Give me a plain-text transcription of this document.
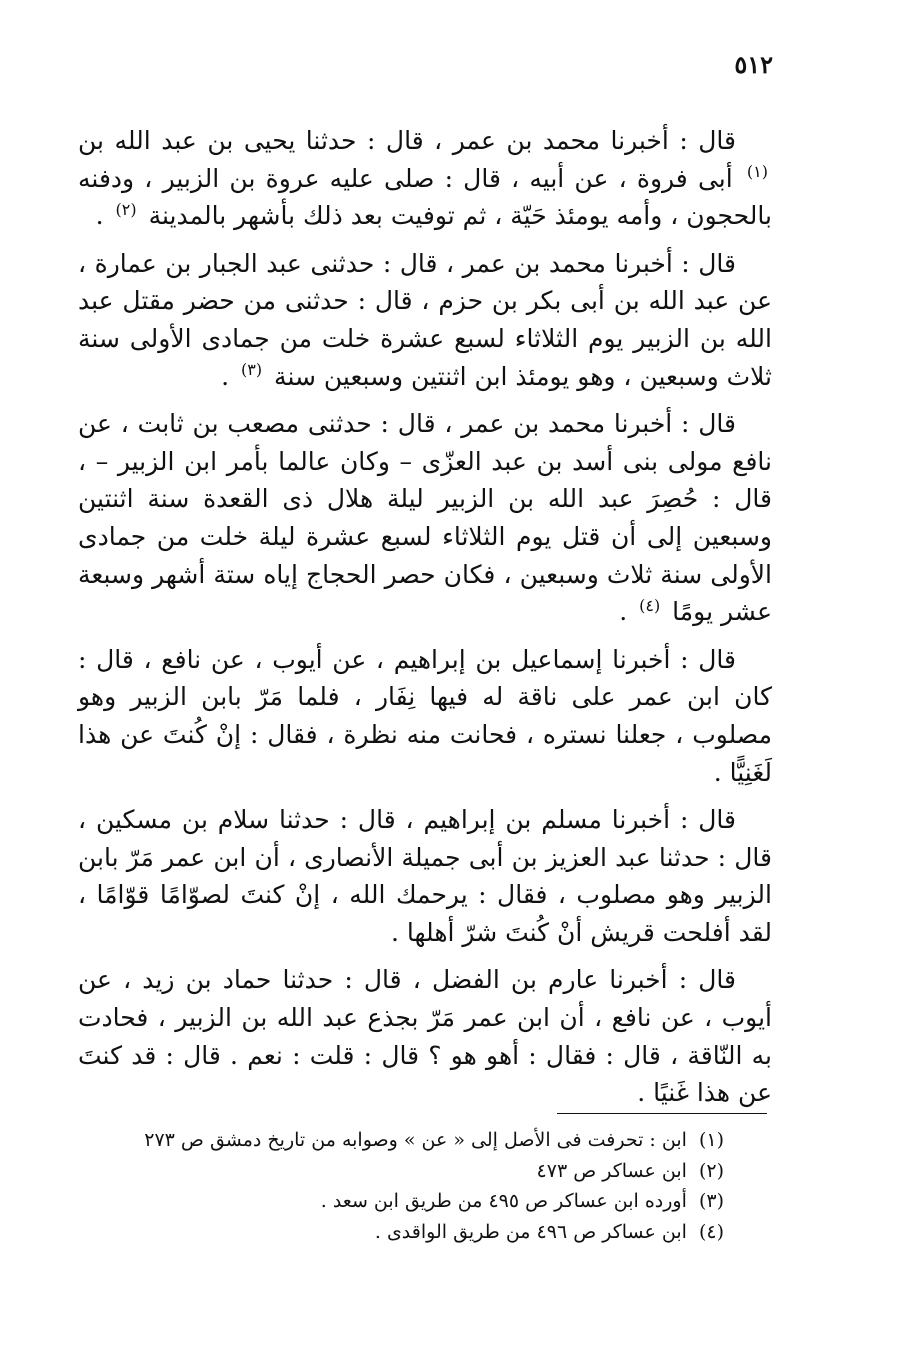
٥١٢

قال : أخبرنا محمد بن عمر ، قال : حدثنا يحيى بن عبد الله بن $^{(١)}$ أبى فروة ، عن أبيه ، قال : صلى عليه عروة بن الزبير ، ودفنه بالحجون ، وأمه يومئذ حَيّة ، ثم توفيت بعد ذلك بأشهر بالمدينة $^{(٢)}$ .

قال : أخبرنا محمد بن عمر ، قال : حدثنى عبد الجبار بن عمارة ، عن عبد الله بن أبى بكر بن حزم ، قال : حدثنى من حضر مقتل عبد الله بن الزبير يوم الثلاثاء لسبع عشرة خلت من جمادى الأولى سنة ثلاث وسبعين ، وهو يومئذ ابن اثنتين وسبعين سنة $^{(٣)}$ .

قال : أخبرنا محمد بن عمر ، قال : حدثنى مصعب بن ثابت ، عن نافع مولى بنى أسد بن عبد العزّى – وكان عالما بأمر ابن الزبير – ، قال : حُصِرَ عبد الله بن الزبير ليلة هلال ذى القعدة سنة اثنتين وسبعين إلى أن قتل يوم الثلاثاء لسبع عشرة ليلة خلت من جمادى الأولى سنة ثلاث وسبعين ، فكان حصر الحجاج إياه ستة أشهر وسبعة عشر يومًا $^{(٤)}$ .

قال : أخبرنا إسماعيل بن إبراهيم ، عن أيوب ، عن نافع ، قال : كان ابن عمر على ناقة له فيها نِفَار ، فلما مَرّ بابن الزبير وهو مصلوب ، جعلنا نستره ، فحانت منه نظرة ، فقال : إنْ كُنتَ عن هذا لَغَنِيًّا .

قال : أخبرنا مسلم بن إبراهيم ، قال : حدثنا سلام بن مسكين ، قال : حدثنا عبد العزيز بن أبى جميلة الأنصارى ، أن ابن عمر مَرّ بابن الزبير وهو مصلوب ، فقال : يرحمك الله ، إنْ كنتَ لصوّامًا قوّامًا ، لقد أفلحت قريش أنْ كُنتَ شرّ أهلها .

قال : أخبرنا عارم بن الفضل ، قال : حدثنا حماد بن زيد ، عن أيوب ، عن نافع ، أن ابن عمر مَرّ بجذع عبد الله بن الزبير ، فحادت به النّاقة ، قال : فقال : أهو هو ؟ قال : قلت : نعم . قال : قد كنتَ عن هذا غَنيًا .

(١) ابن : تحرفت فى الأصل إلى « عن » وصوابه من تاريخ دمشق ص ٢٧٣

(٢) ابن عساكر ص ٤٧٣

(٣) أورده ابن عساكر ص ٤٩٥ من طريق ابن سعد .

(٤) ابن عساكر ص ٤٩٦ من طريق الواقدى .
